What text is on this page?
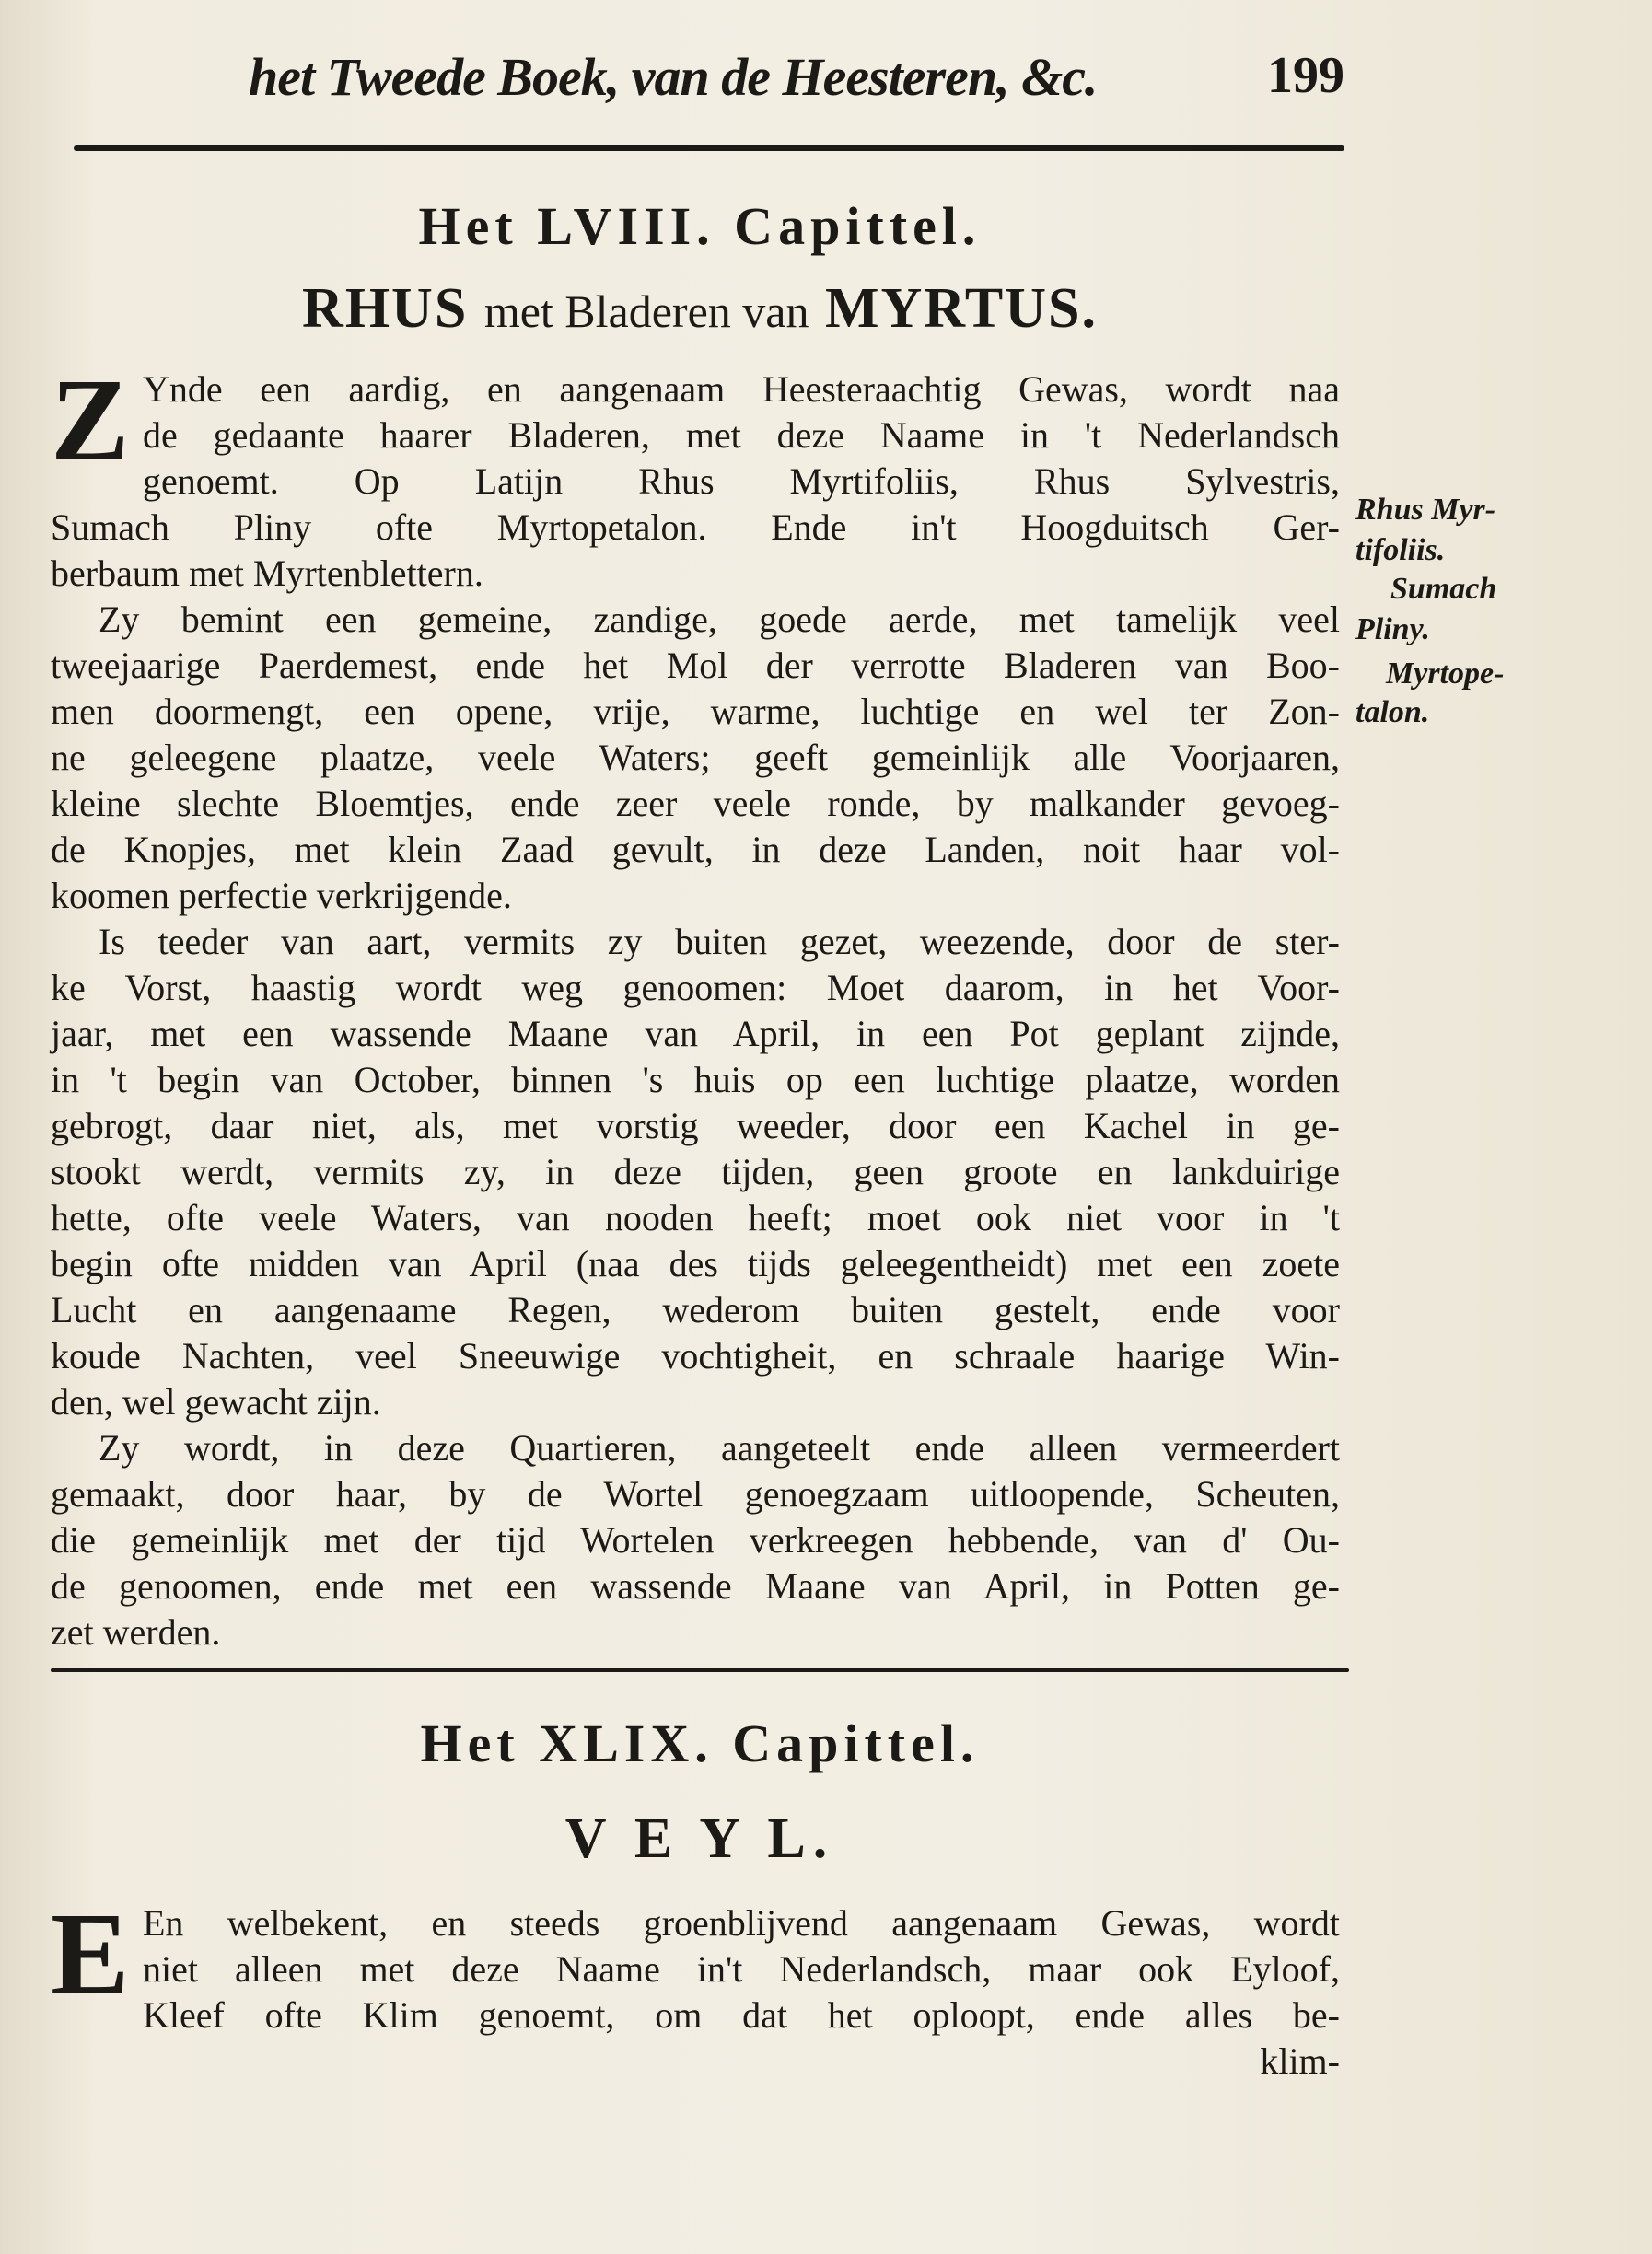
het Tweede Boek, van de Heesteren, &c.	199
Het LVIII. Capittel.
RHUS met Bladeren van MYRTUS.
Z Ynde een aardig, en aangenaam Heesteraachtig Gewas, wordt naa
de gedaante haarer Bladeren, met deze Naame in 't Nederlandsch
genoemt. Op Latijn Rhus Myrtifoliis, Rhus Sylvestris,
Sumach Pliny ofte Myrtopetalon. Ende in't Hoogduitsch Ger-
berbaum met Myrtenblettern.
Zy bemint een gemeine, zandige, goede aerde, met tamelijk veel
tweejaarige Paerdemest, ende het Mol der verrotte Bladeren van Boo-
men doormengt, een opene, vrije, warme, luchtige en wel ter Zon-
ne geleegene plaatze, veele Waters; geeft gemeinlijk alle Voorjaaren,
kleine slechte Bloemtjes, ende zeer veele ronde, by malkander gevoeg-
de Knopjes, met klein Zaad gevult, in deze Landen, noit haar vol-
koomen perfectie verkrijgende.
Is teeder van aart, vermits zy buiten gezet, weezende, door de ster-
ke Vorst, haastig wordt weg genoomen: Moet daarom, in het Voor-
jaar, met een wassende Maane van April, in een Pot geplant zijnde,
in 't begin van October, binnen 's huis op een luchtige plaatze, worden
gebrogt, daar niet, als, met vorstig weeder, door een Kachel in ge-
stookt werdt, vermits zy, in deze tijden, geen groote en lankduirige
hette, ofte veele Waters, van nooden heeft; moet ook niet voor in 't
begin ofte midden van April (naa des tijds geleegentheidt) met een zoete
Lucht en aangenaame Regen, wederom buiten gestelt, ende voor
koude Nachten, veel Sneeuwige vochtigheit, en schraale haarige Win-
den, wel gewacht zijn.
Zy wordt, in deze Quartieren, aangeteelt ende alleen vermeerdert
gemaakt, door haar, by de Wortel genoegzaam uitloopende, Scheuten,
die gemeinlijk met der tijd Wortelen verkreegen hebbende, van d' Ou-
de genoomen, ende met een wassende Maane van April, in Potten ge-
zet werden.
Rhus Myr-
tifoliis.
Sumach
Pliny.
Myrtope-
talon.
Het XLIX. Capittel.
V E Y L.
E En welbekent, en steeds groenblijvend aangenaam Gewas, wordt
niet alleen met deze Naame in't Nederlandsch, maar ook Eyloof,
Kleef ofte Klim genoemt, om dat het oploopt, ende alles be-
klim-
